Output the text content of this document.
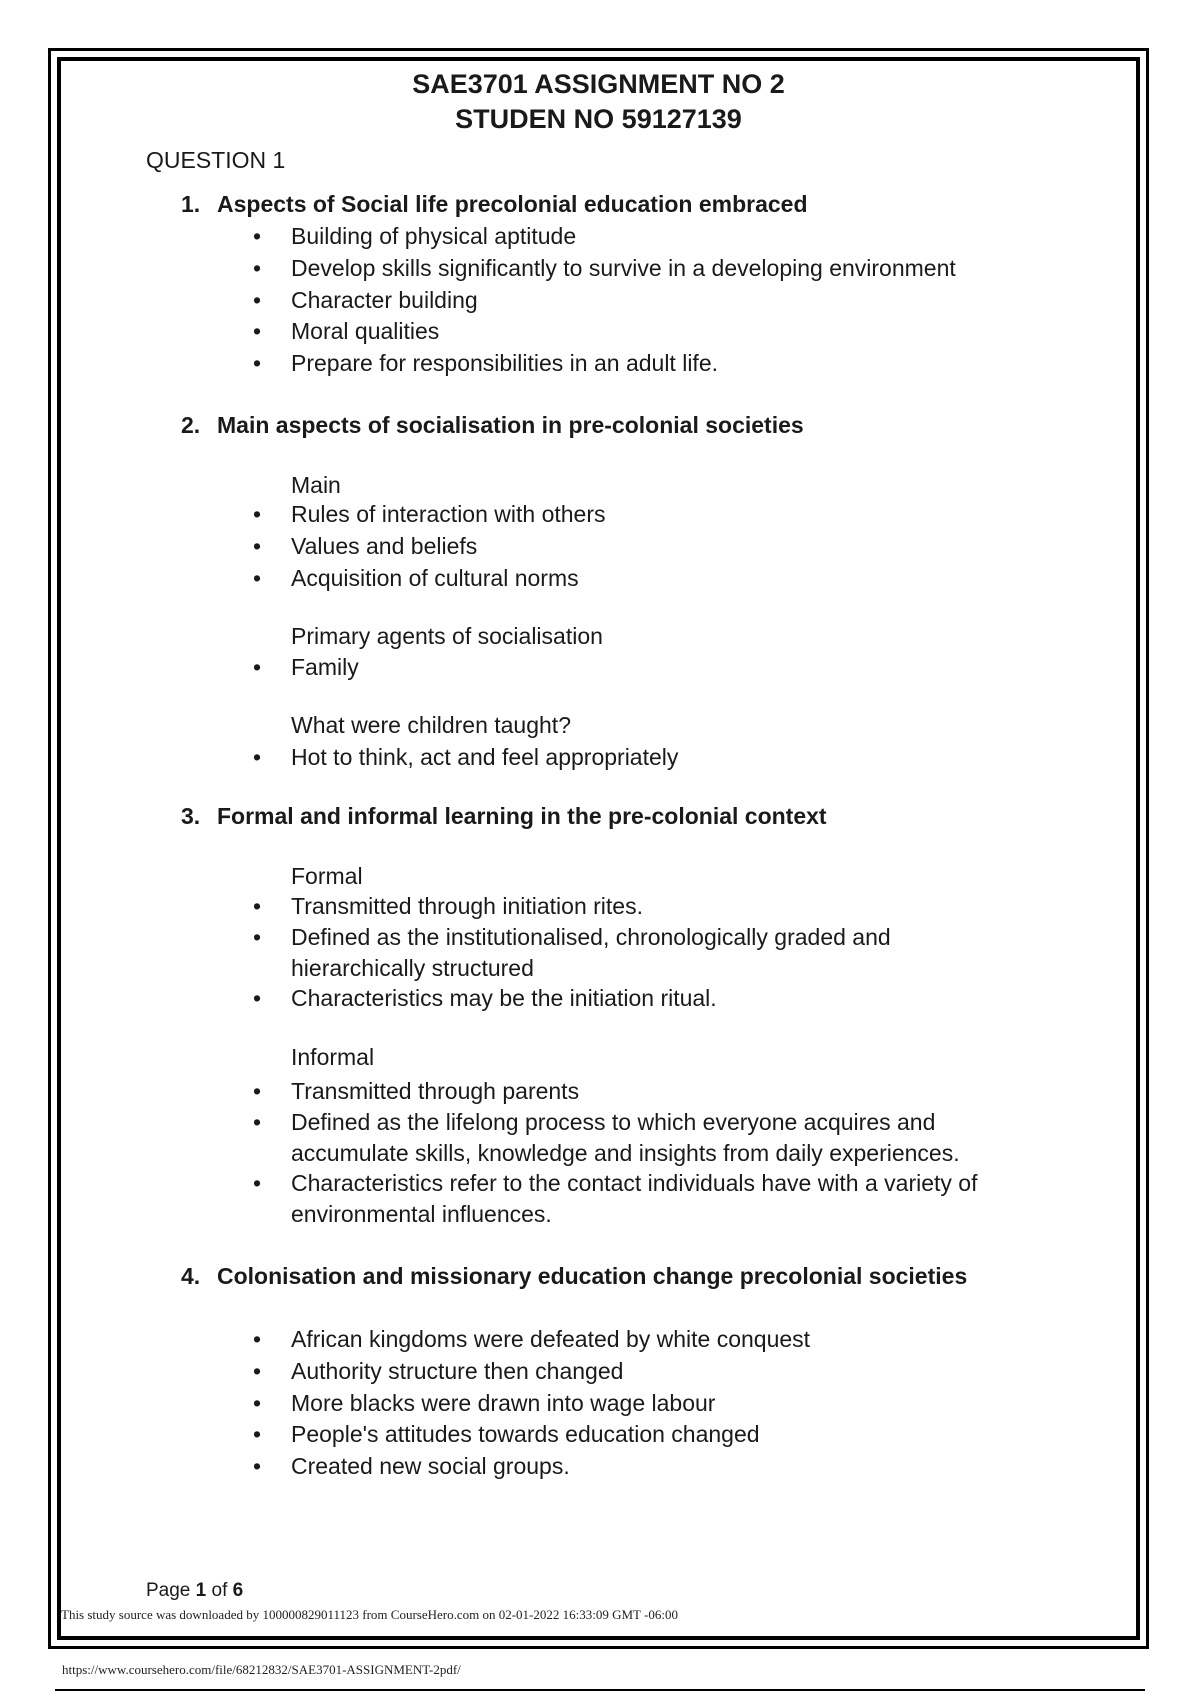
SAE3701 ASSIGNMENT NO 2
STUDEN NO 59127139
QUESTION 1
1. Aspects of Social life precolonial education embraced
• Building of physical aptitude
• Develop skills significantly to survive in a developing environment
• Character building
• Moral qualities
• Prepare for responsibilities in an adult life.
2. Main aspects of socialisation in pre-colonial societies
Main
• Rules of interaction with others
• Values and beliefs
• Acquisition of cultural norms
Primary agents of socialisation
• Family
What were children taught?
• Hot to think, act and feel appropriately
3. Formal and informal learning in the pre-colonial context
Formal
• Transmitted through initiation rites.
• Defined as the institutionalised, chronologically graded and hierarchically structured
• Characteristics may be the initiation ritual.
Informal
• Transmitted through parents
• Defined as the lifelong process to which everyone acquires and accumulate skills, knowledge and insights from daily experiences.
• Characteristics refer to the contact individuals have with a variety of environmental influences.
4. Colonisation and missionary education change precolonial societies
• African kingdoms were defeated by white conquest
• Authority structure then changed
• More blacks were drawn into wage labour
• People's attitudes towards education changed
• Created new social groups.
Page 1 of 6
This study source was downloaded by 100000829011123 from CourseHero.com on 02-01-2022 16:33:09 GMT -06:00
https://www.coursehero.com/file/68212832/SAE3701-ASSIGNMENT-2pdf/
